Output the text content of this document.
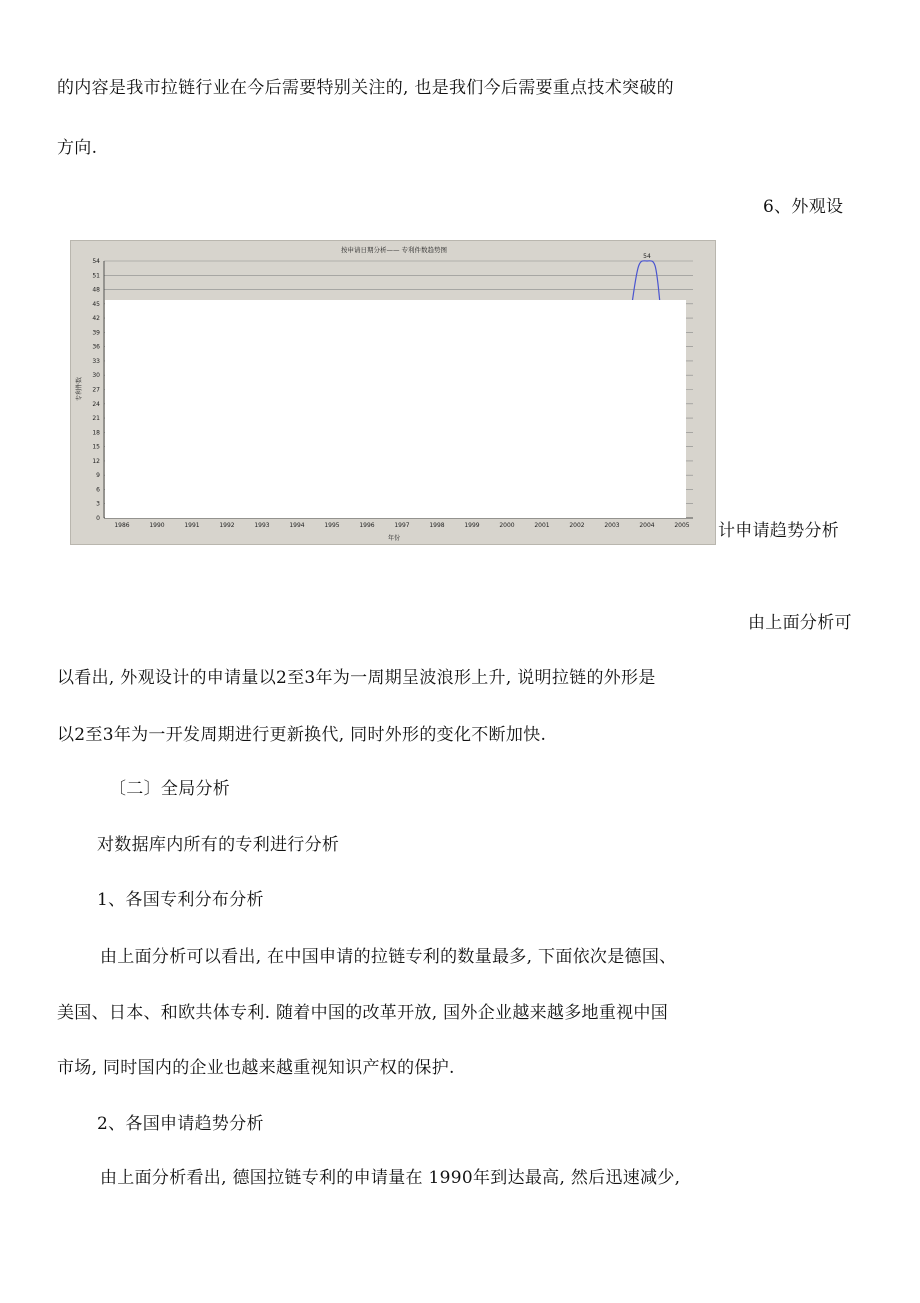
的内容是我市拉链行业在今后需要特别关注的, 也是我们今后需要重点技术突破的
方向.
6、外观设
0
3
6
9
12
15
18
21
24
27
30
33
36
39
42
45
48
51
54
1986	1990	1991	1992	1993	1994	1995	1996	1997	1998	1999	2000	2001	2002	2003	2004	2005
按申请日期分析—— 专利件数趋势图
年份
专利件数
54
计申请趋势分析
由上面分析可
以看出, 外观设计的申请量以2至3年为一周期呈波浪形上升, 说明拉链的外形是
以2至3年为一开发周期进行更新换代, 同时外形的变化不断加快.
〔二〕全局分析
对数据库内所有的专利进行分析
1、各国专利分布分析
由上面分析可以看出, 在中国申请的拉链专利的数量最多, 下面依次是德国、
美国、日本、和欧共体专利. 随着中国的改革开放, 国外企业越来越多地重视中国
市场, 同时国内的企业也越来越重视知识产权的保护.
2、各国申请趋势分析
由上面分析看出, 德国拉链专利的申请量在 1990年到达最高, 然后迅速减少,
